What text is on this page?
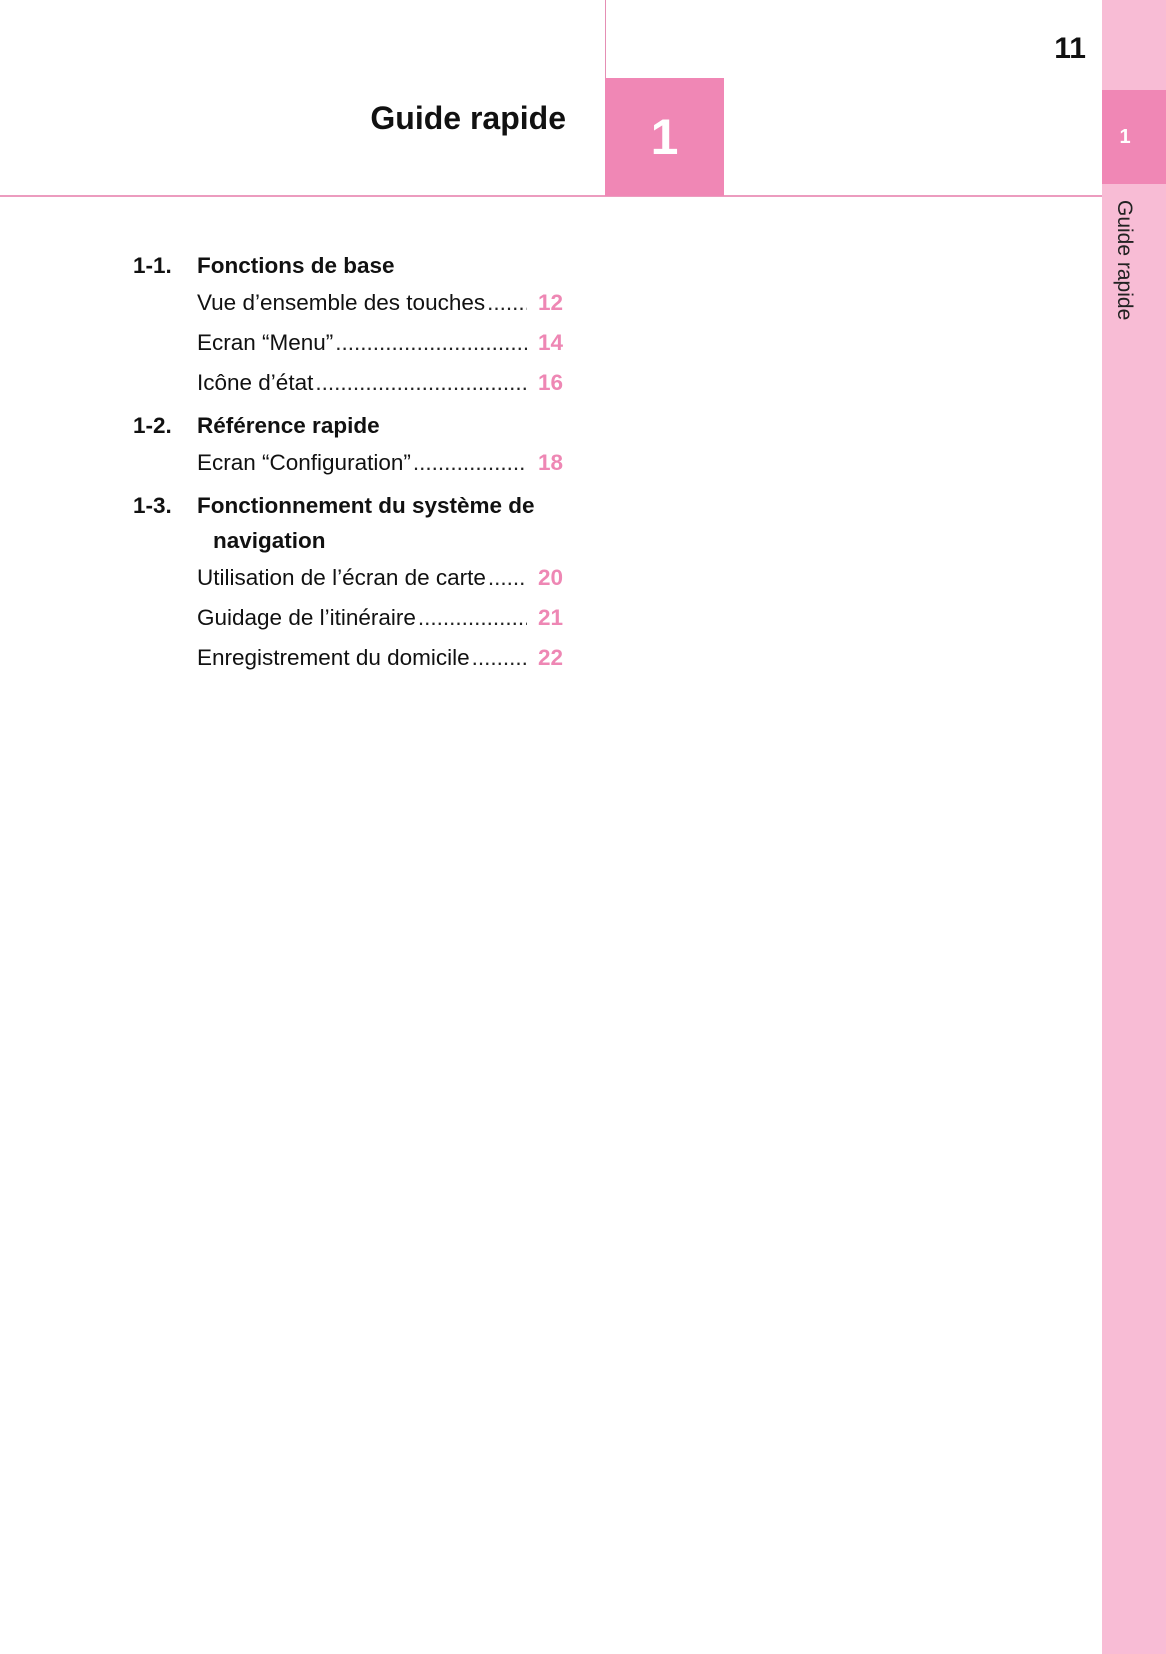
Guide rapide	1
11
1
Guide rapide
1-1.	Fonctions de base
Vue d’ensemble des touches .....	12
Ecran “Menu” .....	14
Icône d’état .....	16
1-2.	Référence rapide
Ecran “Configuration” .....	18
1-3.	Fonctionnement du système de
navigation
Utilisation de l’écran de carte .....	20
Guidage de l’itinéraire .....	21
Enregistrement du domicile .....	22
